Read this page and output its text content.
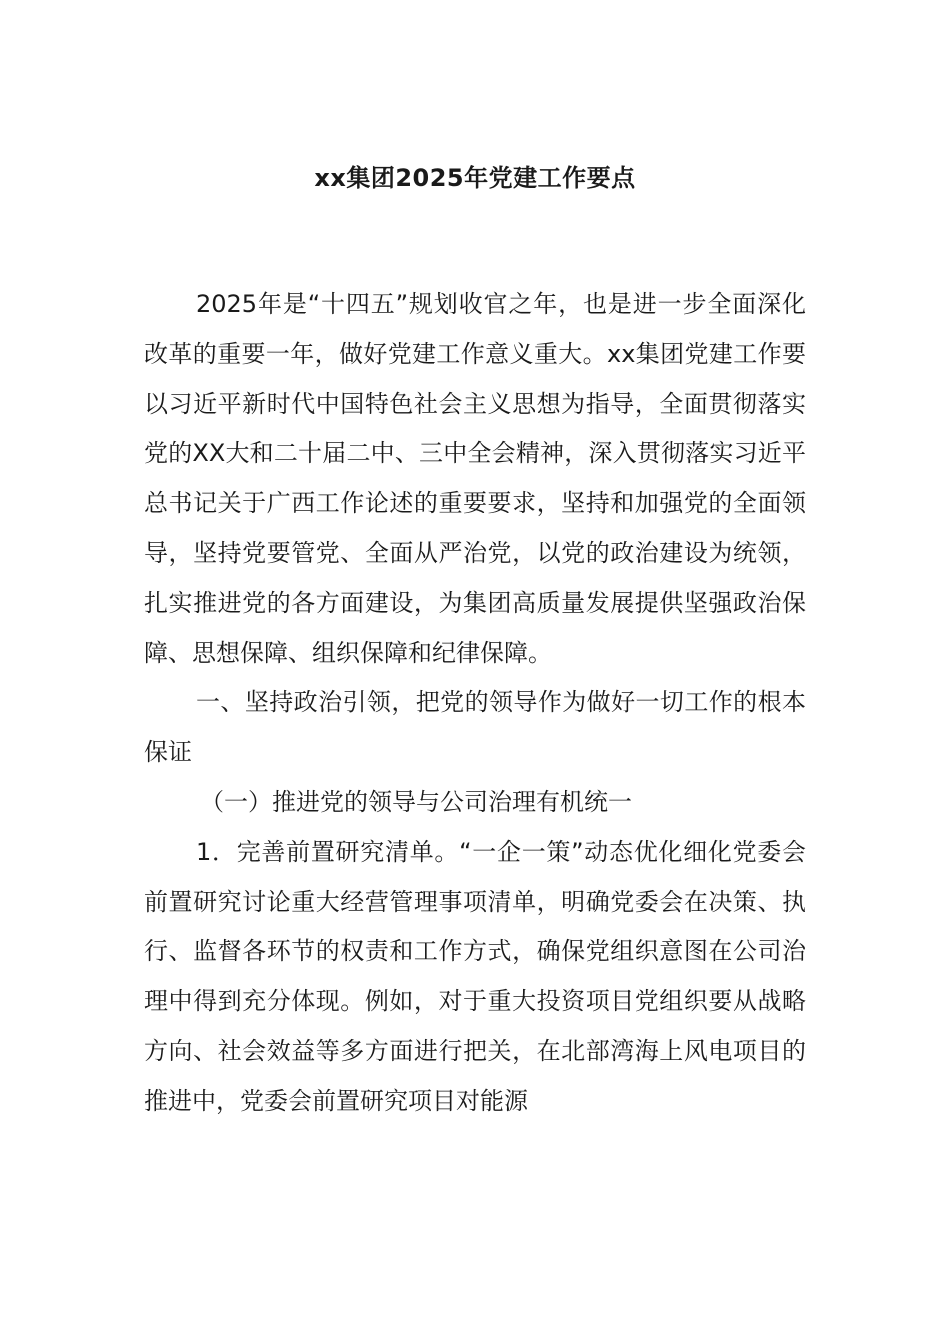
xx集团2025年党建工作要点

2025年是“十四五”规划收官之年，也是进一步全面深化改革的重要一年，做好党建工作意义重大。xx集团党建工作要以习近平新时代中国特色社会主义思想为指导，全面贯彻落实党的XX大和二十届二中、三中全会精神，深入贯彻落实习近平总书记关于广西工作论述的重要要求，坚持和加强党的全面领导，坚持党要管党、全面从严治党，以党的政治建设为统领，扎实推进党的各方面建设，为集团高质量发展提供坚强政治保障、思想保障、组织保障和纪律保障。

一、坚持政治引领，把党的领导作为做好一切工作的根本保证

（一）推进党的领导与公司治理有机统一

1．完善前置研究清单。“一企一策”动态优化细化党委会前置研究讨论重大经营管理事项清单，明确党委会在决策、执行、监督各环节的权责和工作方式，确保党组织意图在公司治理中得到充分体现。例如，对于重大投资项目党组织要从战略方向、社会效益等多方面进行把关，在北部湾海上风电项目的推进中，党委会前置研究项目对能源
